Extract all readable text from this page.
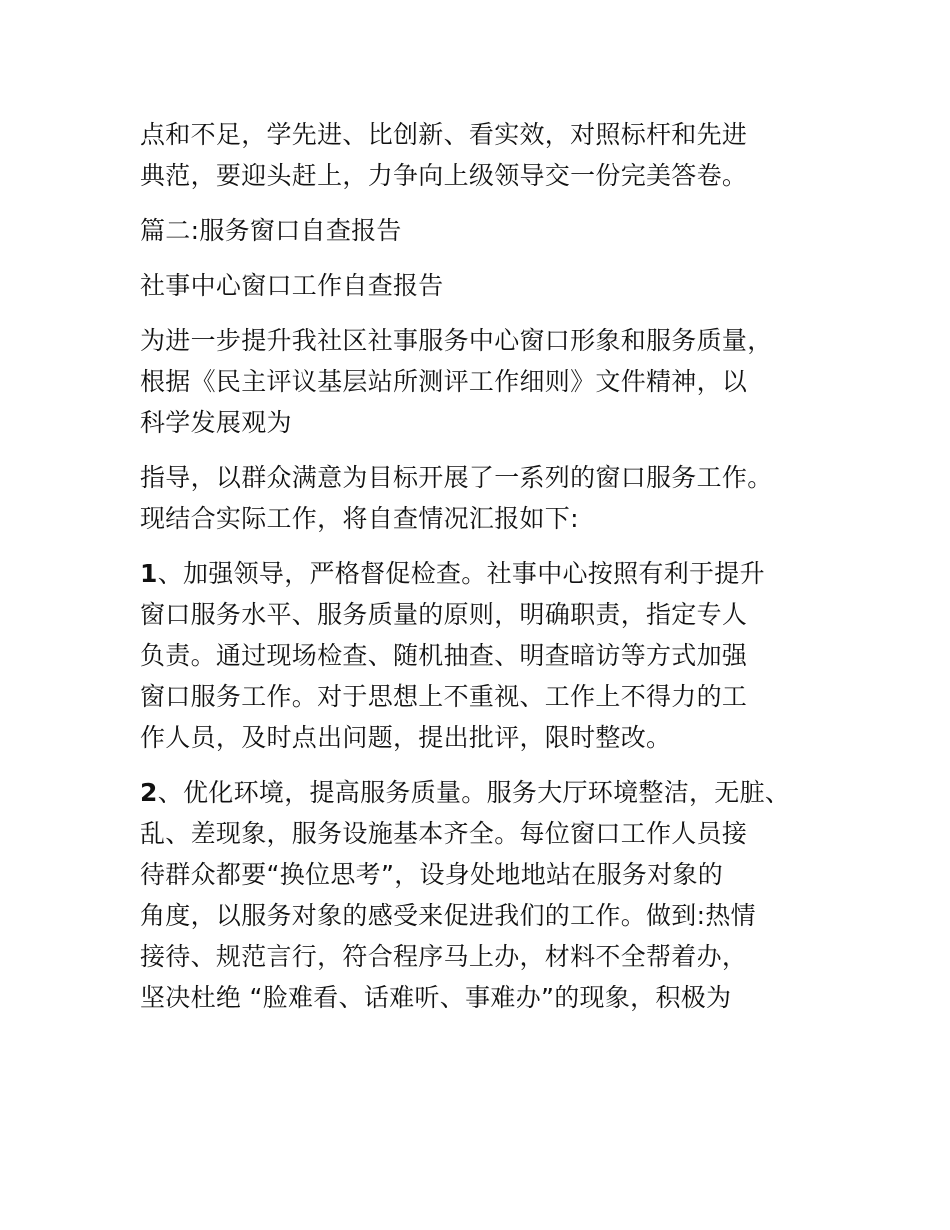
点和不足，学先进、比创新、看实效，对照标杆和先进
典范，要迎头赶上，力争向上级领导交一份完美答卷。
篇二:服务窗口自查报告
社事中心窗口工作自查报告
为进一步提升我社区社事服务中心窗口形象和服务质量，
根据《民主评议基层站所测评工作细则》文件精神，以
科学发展观为
指导，以群众满意为目标开展了一系列的窗口服务工作。
现结合实际工作，将自查情况汇报如下:
1、加强领导，严格督促检查。社事中心按照有利于提升
窗口服务水平、服务质量的原则，明确职责，指定专人
负责。通过现场检查、随机抽查、明查暗访等方式加强
窗口服务工作。对于思想上不重视、工作上不得力的工
作人员，及时点出问题，提出批评，限时整改。
2、优化环境，提高服务质量。服务大厅环境整洁，无脏、
乱、差现象，服务设施基本齐全。每位窗口工作人员接
待群众都要“换位思考”，设身处地地站在服务对象的
角度，以服务对象的感受来促进我们的工作。做到:热情
接待、规范言行，符合程序马上办，材料不全帮着办，
坚决杜绝 “脸难看、话难听、事难办”的现象，积极为
